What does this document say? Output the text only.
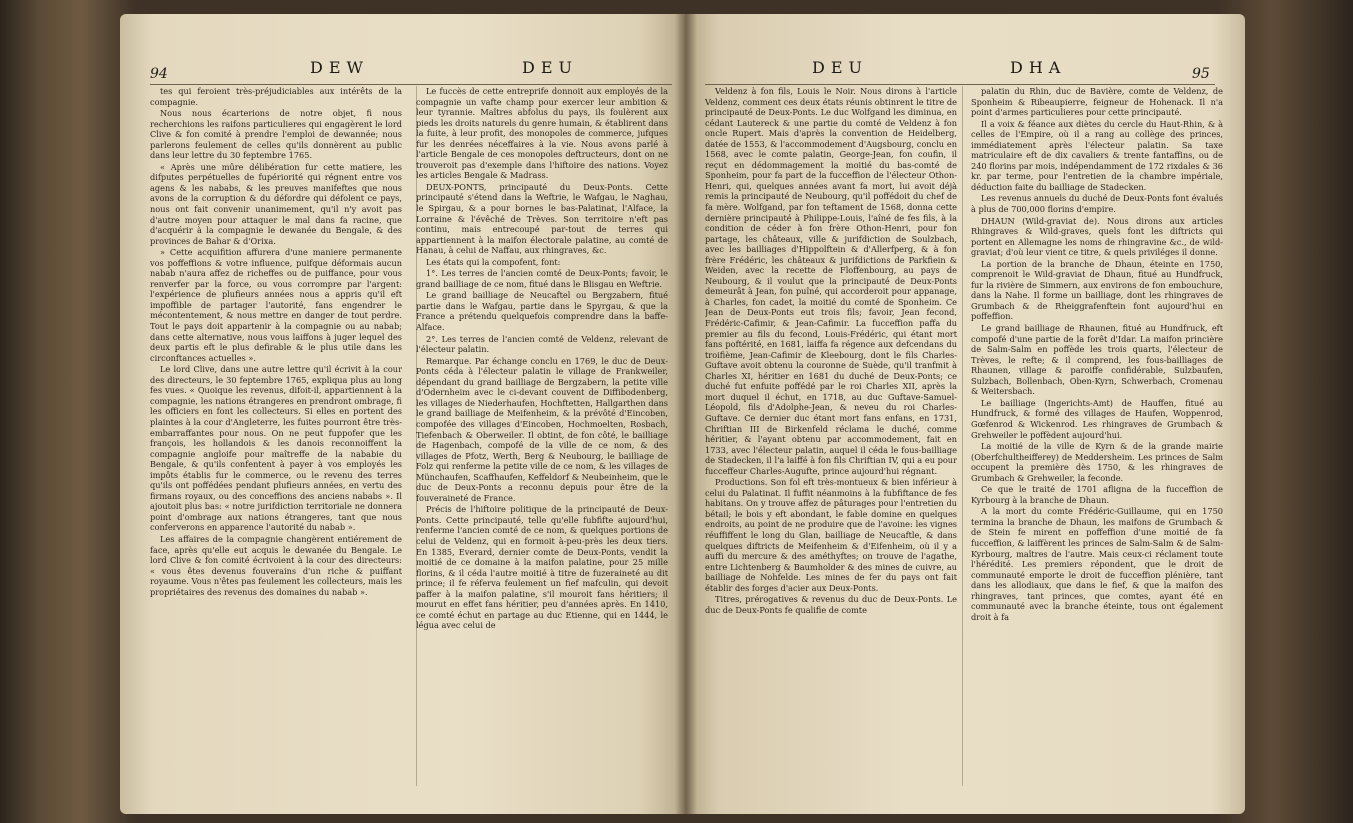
94	DEW	DEU	DEU	DHA	95

tes qui feroient très-préjudiciables aux intérêts de la compagnie.

Nous nous écarterions de notre objet, fi nous recherchions les raifons particulieres qui engagèrent le lord Clive & fon comité à prendre l'emploi de dewannée; nous parlerons feulement de celles qu'ils donnèrent au public dans leur lettre du 30 feptembre 1765.

« Après une mûre délibération fur cette matiere, les difputes perpétuelles de fupériorité qui régnent entre vos agens & les nababs, & les preuves manifeftes que nous avons de la corruption & du défordre qui défolent ce pays, nous ont fait convenir unanimement, qu'il n'y avoit pas d'autre moyen pour attaquer le mal dans fa racine, que d'acquérir à la compagnie le dewanée du Bengale, & des provinces de Bahar & d'Orixa.

» Cette acquifition affurera d'une maniere permanente vos poffeffions & votre influence, puifque déformais aucun nabab n'aura affez de richeffes ou de puiffance, pour vous renverfer par la force, ou vous corrompre par l'argent: l'expérience de plufieurs années nous a appris qu'il eft impoffible de partager l'autorité, fans engendrer le mécontentement, & nous mettre en danger de tout perdre. Tout le pays doit appartenir à la compagnie ou au nabab; dans cette alternative, nous vous laiffons à juger lequel des deux partis eft le plus defirable & le plus utile dans les circonftances actuelles ».

Le lord Clive, dans une autre lettre qu'il écrivit à la cour des directeurs, le 30 feptembre 1765, expliqua plus au long fes vues. « Quoique les revenus, difoit-il, appartiennent à la compagnie, les nations étrangeres en prendront ombrage, fi les officiers en font les collecteurs. Si elles en portent des plaintes à la cour d'Angleterre, les fuites pourront être très-embarraffantes pour nous. On ne peut fuppofer que les françois, les hollandois & les danois reconnoiffent la compagnie angloife pour maîtreffe de la nababie du Bengale, & qu'ils confentent à payer à vos employés les impôts établis fur le commerce, ou le revenu des terres qu'ils ont poffédées pendant plufieurs années, en vertu des firmans royaux, ou des conceffions des anciens nababs ». Il ajoutoit plus bas: « notre jurifdiction territoriale ne donnera point d'ombrage aux nations étrangeres, tant que nous conferverons en apparence l'autorité du nabab ».

Les affaires de la compagnie changèrent entiérement de face, après qu'elle eut acquis le dewanée du Bengale. Le lord Clive & fon comité écrivoient à la cour des directeurs: « vous êtes devenus fouverains d'un riche & puiffant royaume. Vous n'êtes pas feulement les collecteurs, mais les propriétaires des revenus des domaines du nabab ».

Le fuccès de cette entreprife donnoit aux employés de la compagnie un vafte champ pour exercer leur ambition & leur tyrannie. Maîtres abfolus du pays, ils foulèrent aux pieds les droits naturels du genre humain, & établirent dans la fuite, à leur profit, des monopoles de commerce, jufques fur les denrées néceffaires à la vie. Nous avons parlé à l'article Bengale de ces monopoles deftructeurs, dont on ne trouveroit pas d'exemple dans l'hiftoire des nations. Voyez les articles Bengale & Madrass.

DEUX-PONTS, principauté du Deux-Ponts. Cette principauté s'étend dans la Weftrie, le Wafgau, le Naghau, le Spirgau, & a pour bornes le bas-Palatinat, l'Alface, la Lorraine & l'évêché de Trèves. Son territoire n'eft pas continu, mais entrecoupé par-tout de terres qui appartiennent à la maifon électorale palatine, au comté de Hanau, à celui de Naffau, aux rhingraves, &c.

Les états qui la compofent, font:

1°. Les terres de l'ancien comté de Deux-Ponts; favoir, le grand bailliage de ce nom, fitué dans le Blisgau en Weftrie.

Le grand bailliage de Neucaftel ou Bergzabern, fitué partie dans le Wafgau, partie dans le Spyrgau, & que la France a prétendu quelquefois comprendre dans la baffe-Alface.

2°. Les terres de l'ancien comté de Veldenz, relevant de l'électeur palatin.

Remarque. Par échange conclu en 1769, le duc de Deux-Ponts céda à l'électeur palatin le village de Frankweiler, dépendant du grand bailliage de Bergzabern, la petite ville d'Odernheim avec le ci-devant couvent de Diffibodenberg, les villages de Niederhaufen, Hochftetten, Hallgarthen dans le grand bailliage de Meifenheim, & la prévôté d'Eincoben, compofée des villages d'Eincoben, Hochmoelten, Rosbach, Tiefenbach & Oberweiler. Il obtint, de fon côté, le bailliage de Hagenbach, compofé de la ville de ce nom, & des villages de Pfotz, Werth, Berg & Neubourg, le bailliage de Folz qui renferme la petite ville de ce nom, & les villages de Münchaufen, Scaffhaufen, Keffeldorf & Neubeinheim, que le duc de Deux-Ponts a reconnu depuis pour être de la fouveraineté de France.

Précis de l'hiftoire politique de la principauté de Deux-Ponts. Cette principauté, telle qu'elle fubfifte aujourd'hui, renferme l'ancien comté de ce nom, & quelques portions de celui de Veldenz, qui en formoit à-peu-près les deux tiers. En 1385, Everard, dernier comte de Deux-Ponts, vendit la moitié de ce domaine à la maifon palatine, pour 25 mille florins, & il céda l'autre moitié à titre de fuzeraineté au dit prince; il fe réferva feulement un fief mafculin, qui devoit paffer à la maifon palatine, s'il mouroit fans héritiers; il mourut en effet fans héritier, peu d'années après. En 1410, ce comté échut en partage au duc Etienne, qui en 1444, le légua avec celui de

Veldenz à fon fils, Louis le Noir. Nous dirons à l'article Veldenz, comment ces deux états réunis obtinrent le titre de principauté de Deux-Ponts. Le duc Wolfgand les diminua, en cédant Lautereck & une partie du comté de Veldenz à fon oncle Rupert. Mais d'après la convention de Heidelberg, datée de 1553, & l'accommodement d'Augsbourg, conclu en 1568, avec le comte palatin, George-Jean, fon coufin, il reçut en dédommagement la moitié du bas-comté de Sponheim, pour fa part de la fucceffion de l'électeur Othon-Henri, qui, quelques années avant fa mort, lui avoit déjà remis la principauté de Neubourg, qu'il poffédoit du chef de fa mère. Wolfgand, par fon teftament de 1568, donna cette dernière principauté à Philippe-Louis, l'aîné de fes fils, à la condition de céder à fon frère Othon-Henri, pour fon partage, les châteaux, ville & jurifdiction de Soulzbach, avec les bailliages d'Hippolftein & d'Allerfperg, & à fon frère Frédéric, les châteaux & jurifdictions de Parkfiein & Weiden, avec la recette de Floffenbourg, au pays de Neubourg, & il voulut que la principauté de Deux-Ponts demeurât à Jean, fon puîné, qui accorderoit pour appanage, à Charles, fon cadet, la moitié du comté de Sponheim. Ce Jean de Deux-Ponts eut trois fils; favoir, Jean fecond, Frédéric-Cafimir, & Jean-Cafimir. La fucceffion paffa du premier au fils du fecond, Louis-Frédéric, qui étant mort fans poftérité, en 1681, laiffa fa régence aux defcendans du troifième, Jean-Cafimir de Kleebourg, dont le fils Charles-Guftave avoit obtenu la couronne de Suède, qu'il tranfmit à Charles XI, héritier en 1681 du duché de Deux-Ponts; ce duché fut enfuite poffédé par le roi Charles XII, après la mort duquel il échut, en 1718, au duc Guftave-Samuel-Léopold, fils d'Adolphe-Jean, & neveu du roi Charles-Guftave. Ce dernier duc étant mort fans enfans, en 1731, Chriftian III de Birkenfeld réclama le duché, comme héritier, & l'ayant obtenu par accommodement, fait en 1733, avec l'électeur palatin, auquel il céda le fous-bailliage de Stadecken, il l'a laiffé à fon fils Chriftian IV, qui a eu pour fucceffeur Charles-Augufte, prince aujourd'hui régnant.

Productions. Son fol eft très-montueux & bien inférieur à celui du Palatinat. Il fuffit néanmoins à la fubfiftance de fes habitans. On y trouve affez de pâturages pour l'entretien du bétail; le bois y eft abondant, le fable domine en quelques endroits, au point de ne produire que de l'avoine: les vignes réuffiffent le long du Glan, bailliage de Neucaftle, & dans quelques diftricts de Meifenheim & d'Eifenheim, où il y a auffi du mercure & des améthyftes; on trouve de l'agathe, entre Lichtenberg & Baumholder & des mines de cuivre, au bailliage de Nohfelde. Les mines de fer du pays ont fait établir des forges d'acier aux Deux-Ponts.

Titres, prérogatives & revenus du duc de Deux-Ponts. Le duc de Deux-Ponts fe qualifie de comte

palatin du Rhin, duc de Bavière, comte de Veldenz, de Sponheim & Ribeaupierre, feigneur de Hohenack. Il n'a point d'armes particulieres pour cette principauté.

Il a voix & féance aux diètes du cercle du Haut-Rhin, & à celles de l'Empire, où il a rang au collège des princes, immédiatement après l'électeur palatin. Sa taxe matriculaire eft de dix cavaliers & trente fantaffins, ou de 240 florins par mois, indépendamment de 172 rixdales & 36 kr. par terme, pour l'entretien de la chambre impériale, déduction faite du bailliage de Stadecken.

Les revenus annuels du duché de Deux-Ponts font évalués à plus de 700,000 florins d'empire.

DHAUN (Wild-graviat de). Nous dirons aux articles Rhingraves & Wild-graves, quels font les diftricts qui portent en Allemagne les noms de rhingravine &c., de wild-graviat; d'où leur vient ce titre, & quels priviléges il donne.

La portion de la branche de Dhaun, éteinte en 1750, comprenoit le Wild-graviat de Dhaun, fitué au Hundfruck, fur la rivière de Simmern, aux environs de fon embouchure, dans la Nahe. Il forme un bailliage, dont les rhingraves de Grumbach & de Rheiggrafenftein font aujourd'hui en poffeffion.

Le grand bailliage de Rhaunen, fitué au Hundfruck, eft compofé d'une partie de la forêt d'Idar. La maifon princière de Salm-Salm en poffède les trois quarts, l'électeur de Trèves, le refte; & il comprend, les fous-bailliages de Rhaunen, village & paroiffe confidérable, Sulzbaufen, Sulzbach, Bollenbach, Oben-Kyrn, Schwerbach, Cromenau & Weitersbach.

Le bailliage (Ingerichts-Amt) de Hauffen, fitué au Hundfruck, & formé des villages de Haufen, Woppenrod, Gœfenrod & Wickenrod. Les rhingraves de Grumbach & Grehweiler le poffèdent aujourd'hui.

La moitié de la ville de Kyrn & de la grande mairie (Oberfchultheifferey) de Meddersheim. Les princes de Salm occupent la première dès 1750, & les rhingraves de Grumbach & Grehweiler, la feconde.

Ce que le traité de 1701 afligna de la fucceffion de Kyrbourg à la branche de Dhaun.

A la mort du comte Frédéric-Guillaume, qui en 1750 termina la branche de Dhaun, les maifons de Grumbach & de Stein fe mirent en poffeffion d'une moitié de fa fucceffion, & laiffèrent les princes de Salm-Salm & de Salm-Kyrbourg, maîtres de l'autre. Mais ceux-ci réclament toute l'hérédité. Les premiers répondent, que le droit de communauté emporte le droit de fucceffion plénière, tant dans les allodiaux, que dans le fief, & que la maifon des rhingraves, tant princes, que comtes, ayant été en communauté avec la branche éteinte, tous ont également droit à fa
